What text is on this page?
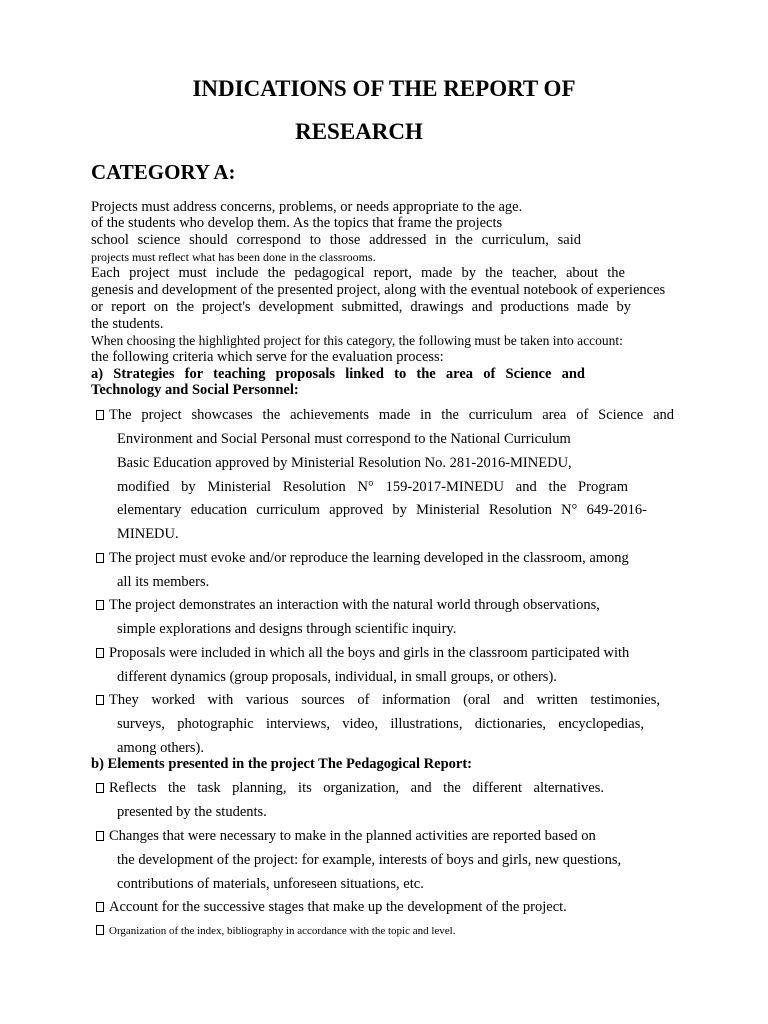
INDICATIONS OF THE REPORT OF
RESEARCH
CATEGORY A:
Projects must address concerns, problems, or needs appropriate to the age.
of the students who develop them. As the topics that frame the projects
school science should correspond to those addressed in the curriculum, said
projects must reflect what has been done in the classrooms.
Each project must include the pedagogical report, made by the teacher, about the
genesis and development of the presented project, along with the eventual notebook of experiences
or report on the project's development submitted, drawings and productions made by
the students.
When choosing the highlighted project for this category, the following must be taken into account:
the following criteria which serve for the evaluation process:
a) Strategies for teaching proposals linked to the area of Science and
Technology and Social Personnel:
The project showcases the achievements made in the curriculum area of Science and
Environment and Social Personal must correspond to the National Curriculum
Basic Education approved by Ministerial Resolution No. 281-2016-MINEDU,
modified by Ministerial Resolution N° 159-2017-MINEDU and the Program
elementary education curriculum approved by Ministerial Resolution N° 649-2016-
MINEDU.
The project must evoke and/or reproduce the learning developed in the classroom, among
all its members.
The project demonstrates an interaction with the natural world through observations,
simple explorations and designs through scientific inquiry.
Proposals were included in which all the boys and girls in the classroom participated with
different dynamics (group proposals, individual, in small groups, or others).
They worked with various sources of information (oral and written testimonies,
surveys, photographic interviews, video, illustrations, dictionaries, encyclopedias,
among others).
b) Elements presented in the project The Pedagogical Report:
Reflects the task planning, its organization, and the different alternatives.
presented by the students.
Changes that were necessary to make in the planned activities are reported based on
the development of the project: for example, interests of boys and girls, new questions,
contributions of materials, unforeseen situations, etc.
Account for the successive stages that make up the development of the project.
Organization of the index, bibliography in accordance with the topic and level.
